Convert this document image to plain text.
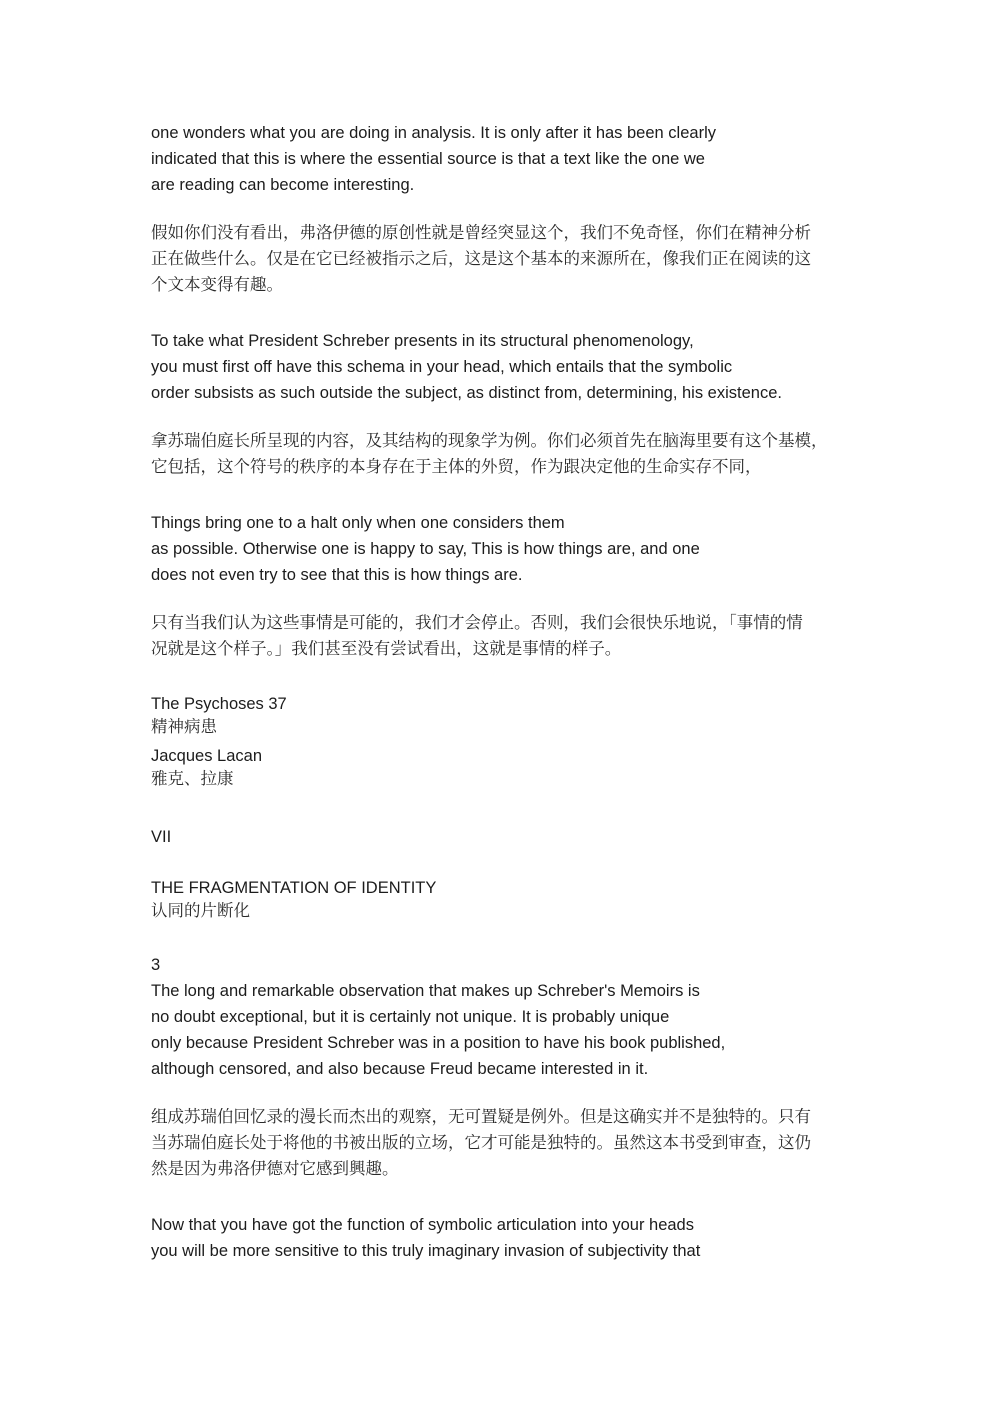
one wonders what you are doing in analysis. It is only after it has been clearly
indicated that this is where the essential source is that a text like the one we
are reading can become interesting.
假如你们没有看出，弗洛伊德的原创性就是曾经突显这个，我们不免奇怪，你们在精神分析
正在做些什么。仅是在它已经被指示之后，这是这个基本的来源所在，像我们正在阅读的这
个文本变得有趣。
To take what President Schreber presents in its structural phenomenology,
you must first off have this schema in your head, which entails that the symbolic
order subsists as such outside the subject, as distinct from, determining, his existence.
拿苏瑞伯庭长所呈现的内容，及其结构的现象学为例。你们必须首先在脑海里要有这个基模，
它包括，这个符号的秩序的本身存在于主体的外贸，作为跟决定他的生命实存不同，
Things bring one to a halt only when one considers them
as possible. Otherwise one is happy to say, This is how things are, and one
does not even try to see that this is how things are.
只有当我们认为这些事情是可能的，我们才会停止。否则，我们会很快乐地说，「事情的情
况就是这个样子。」我们甚至没有尝试看出，这就是事情的样子。
The Psychoses 37
精神病患
Jacques Lacan
雅克、拉康
VII
THE FRAGMENTATION OF IDENTITY
认同的片断化
3
The long and remarkable observation that makes up Schreber's Memoirs is
no doubt exceptional, but it is certainly not unique. It is probably unique
only because President Schreber was in a position to have his book published,
although censored, and also because Freud became interested in it.
组成苏瑞伯回忆录的漫长而杰出的观察，无可置疑是例外。但是这确实并不是独特的。只有
当苏瑞伯庭长处于将他的书被出版的立场，它才可能是独特的。虽然这本书受到审查，这仍
然是因为弗洛伊德对它感到興趣。
Now that you have got the function of symbolic articulation into your heads
you will be more sensitive to this truly imaginary invasion of subjectivity that
